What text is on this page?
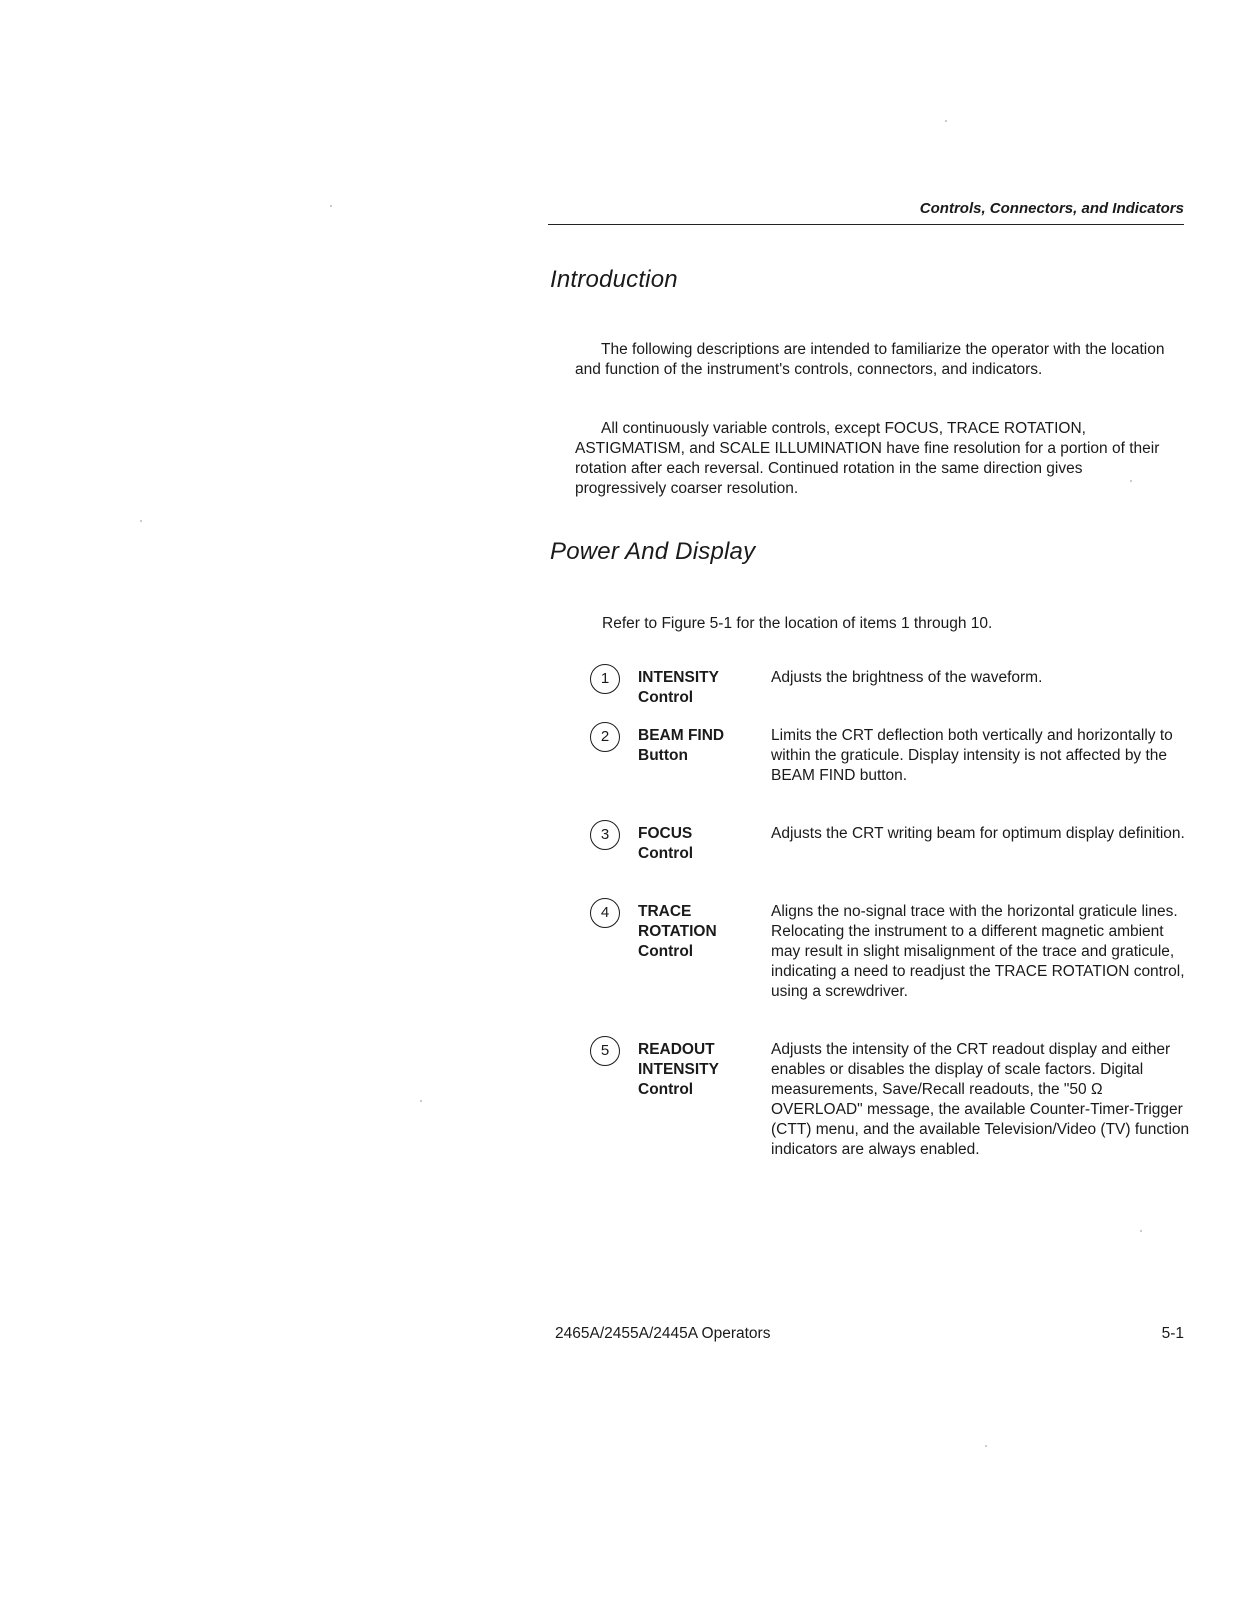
Controls, Connectors, and Indicators
Introduction

The following descriptions are intended to familiarize the operator with the location and function of the instrument's controls, connectors, and indicators.

All continuously variable controls, except FOCUS, TRACE ROTATION, ASTIGMATISM, and SCALE ILLUMINATION have fine resolution for a portion of their rotation after each reversal. Continued rotation in the same direction gives progressively coarser resolution.

Power And Display

Refer to Figure 5-1 for the location of items 1 through 10.

1	INTENSITY
Control

Adjusts the brightness of the waveform.

2	BEAM FIND
Button

Limits the CRT deflection both vertically and horizontally to within the graticule. Display intensity is not affected by the BEAM FIND button.

3	FOCUS
Control

Adjusts the CRT writing beam for optimum display definition.

4	TRACE
ROTATION
Control

Aligns the no-signal trace with the horizontal graticule lines. Relocating the instrument to a different magnetic ambient may result in slight misalignment of the trace and graticule, indicating a need to readjust the TRACE ROTATION control, using a screwdriver.

5	READOUT
INTENSITY
Control

Adjusts the intensity of the CRT readout display and either enables or disables the display of scale factors. Digital measurements, Save/Recall readouts, the "50 Ω OVERLOAD" message, the available Counter-Timer-Trigger (CTT) menu, and the available Television/Video (TV) function indicators are always enabled.

2465A/2455A/2445A Operators	5-1
